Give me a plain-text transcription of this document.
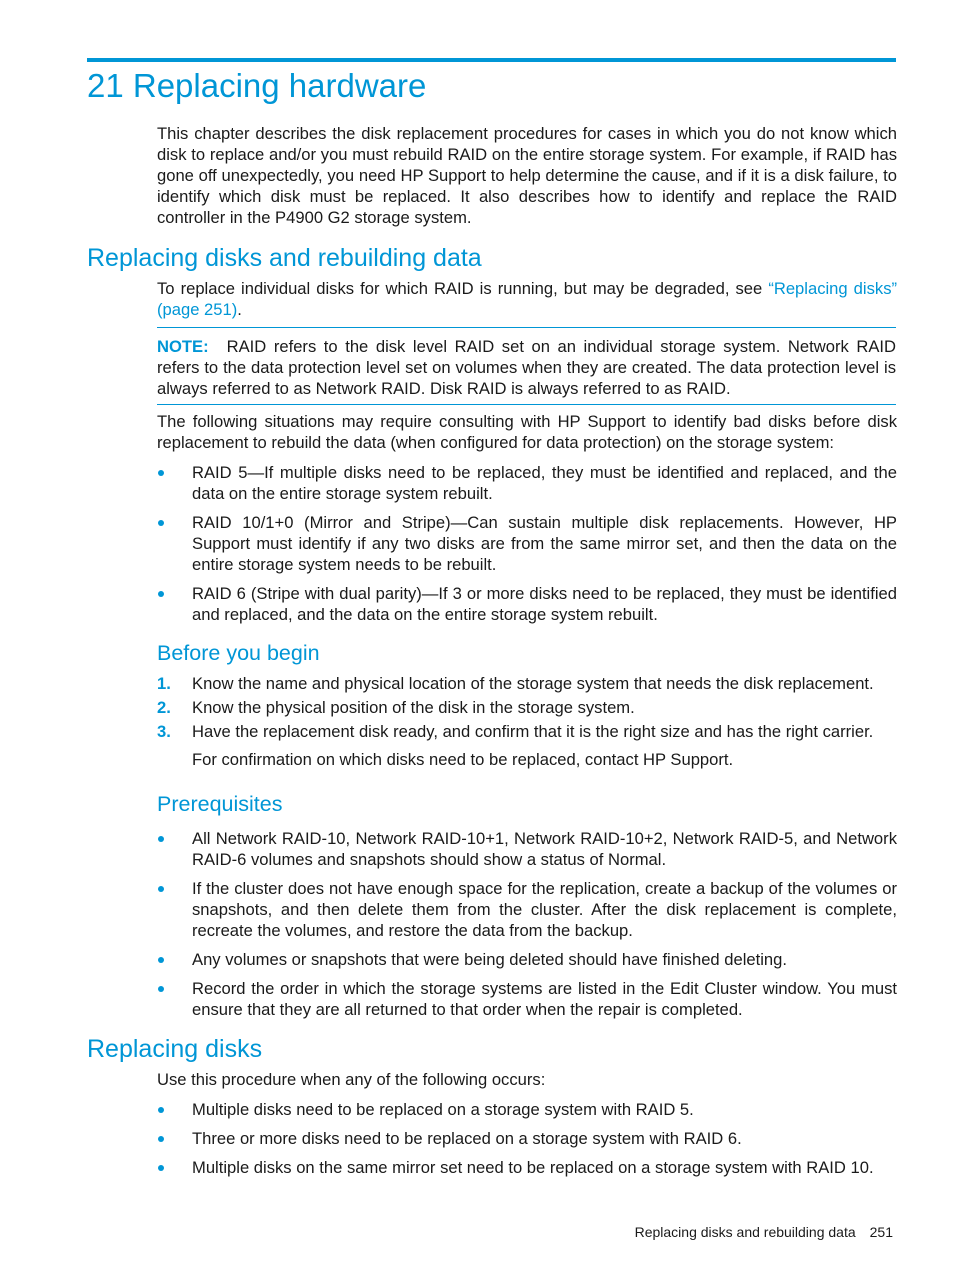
21 Replacing hardware

This chapter describes the disk replacement procedures for cases in which you do not know which disk to replace and/or you must rebuild RAID on the entire storage system. For example, if RAID has gone off unexpectedly, you need HP Support to help determine the cause, and if it is a disk failure, to identify which disk must be replaced. It also describes how to identify and replace the RAID controller in the P4900 G2 storage system.

Replacing disks and rebuilding data

To replace individual disks for which RAID is running, but may be degraded, see “Replacing disks” (page 251).

NOTE: RAID refers to the disk level RAID set on an individual storage system. Network RAID refers to the data protection level set on volumes when they are created. The data protection level is always referred to as Network RAID. Disk RAID is always referred to as RAID.

The following situations may require consulting with HP Support to identify bad disks before disk replacement to rebuild the data (when configured for data protection) on the storage system:

RAID 5—If multiple disks need to be replaced, they must be identified and replaced, and the data on the entire storage system rebuilt.
RAID 10/1+0 (Mirror and Stripe)—Can sustain multiple disk replacements. However, HP Support must identify if any two disks are from the same mirror set, and then the data on the entire storage system needs to be rebuilt.
RAID 6 (Stripe with dual parity)—If 3 or more disks need to be replaced, they must be identified and replaced, and the data on the entire storage system rebuilt.
Before you begin
1. Know the name and physical location of the storage system that needs the disk replacement.
2. Know the physical position of the disk in the storage system.
3. Have the replacement disk ready, and confirm that it is the right size and has the right carrier.

For confirmation on which disks need to be replaced, contact HP Support.

Prerequisites
All Network RAID-10, Network RAID-10+1, Network RAID-10+2, Network RAID-5, and Network RAID-6 volumes and snapshots should show a status of Normal.
If the cluster does not have enough space for the replication, create a backup of the volumes or snapshots, and then delete them from the cluster. After the disk replacement is complete, recreate the volumes, and restore the data from the backup.
Any volumes or snapshots that were being deleted should have finished deleting.
Record the order in which the storage systems are listed in the Edit Cluster window. You must ensure that they are all returned to that order when the repair is completed.
Replacing disks

Use this procedure when any of the following occurs:

Multiple disks need to be replaced on a storage system with RAID 5.
Three or more disks need to be replaced on a storage system with RAID 6.
Multiple disks on the same mirror set need to be replaced on a storage system with RAID 10.
Replacing disks and rebuilding data 251
